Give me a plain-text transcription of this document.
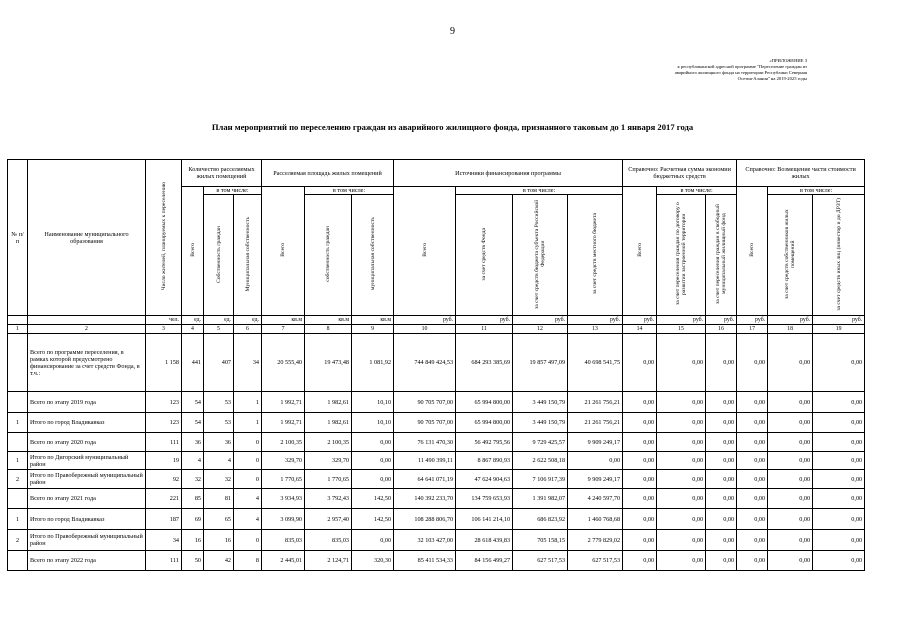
9
«ПРИЛОЖЕНИЕ 3
к республиканской адресной программе "Переселение граждан из
аварийного жилищного фонда на территории Республики Северная
Осетия-Алания" на 2019-2025 годы
План мероприятий по переселению граждан из аварийного жилищного фонда, признанного таковым до 1 января 2017 года
№ п/п	Наименование муниципального образования	Число жителей, планируемых к переселению	Количество расселяемых жилых помещений			Расселяемая площадь жилых помещений			Источники финансирования программы				Справочно: Расчетная сумма экономии бюджетных средств			Справочно: Возмещение части стоимости жилых		
			Всего	в том числе:		Всего	в том числе:		Всего	в том числе:			Всего	в том числе:		Всего	в том числе:	
				Собственность граждан	Муниципальная собственность		собственность граждан	муниципальная собственность		за счет средств Фонда	за счет средств бюджета субъекта Российской Федерации	за счет средств местного бюджета		за счет переселения граждан по договору о развитии застроенной территории	за счет переселения граждан в свободный муниципальный жилищный фонд		за счет средств собственников жилых помещений	за счет средств иных лиц (инвестор и до ДРЗТ)
		чел.	ед.	ед.	ед.	кв.м	кв.м	кв.м	руб.	руб.	руб.	руб.	руб.	руб.	руб.	руб.	руб.	руб.
1	2	3	4	5	6	7	8	9	10	11	12	13	14	15	16	17	18	19
	Всего по программе переселения, в рамках которой предусмотрено финансирование за счет средств Фонда, в т.ч.:	1 158	441	407	34	20 555,40	19 473,48	1 081,92	744 849 424,53	684 293 385,69	19 857 497,09	40 698 541,75	0,00	0,00	0,00	0,00	0,00	0,00
	Всего по этапу 2019 года	123	54	53	1	1 992,71	1 982,61	10,10	90 705 707,00	65 994 800,00	3 449 150,79	21 261 756,21	0,00	0,00	0,00	0,00	0,00	0,00
1	Итого по город Владикавказ	123	54	53	1	1 992,71	1 982,61	10,10	90 705 707,00	65 994 800,00	3 449 150,79	21 261 756,21	0,00	0,00	0,00	0,00	0,00	0,00
	Всего по этапу 2020 года	111	36	36	0	2 100,35	2 100,35	0,00	76 131 470,30	56 492 795,56	9 729 425,57	9 909 249,17	0,00	0,00	0,00	0,00	0,00	0,00
1	Итого по Дигорский муниципальный район	19	4	4	0	329,70	329,70	0,00	11 490 399,11	8 867 890,93	2 622 508,18	0,00	0,00	0,00	0,00	0,00	0,00	0,00
2	Итого по Правобережный муниципальный район	92	32	32	0	1 770,65	1 770,65	0,00	64 641 071,19	47 624 904,63	7 106 917,39	9 909 249,17	0,00	0,00	0,00	0,00	0,00	0,00
	Всего по этапу 2021 года	221	85	81	4	3 934,93	3 792,43	142,50	140 392 233,70	134 759 653,93	1 391 982,07	4 240 597,70	0,00	0,00	0,00	0,00	0,00	0,00
1	Итого по город Владикавказ	187	69	65	4	3 099,90	2 957,40	142,50	108 288 806,70	106 141 214,10	686 823,92	1 460 768,68	0,00	0,00	0,00	0,00	0,00	0,00
2	Итого по Правобережный муниципальный район	34	16	16	0	835,03	835,03	0,00	32 103 427,00	28 618 439,83	705 158,15	2 779 829,02	0,00	0,00	0,00	0,00	0,00	0,00
	Всего по этапу 2022 года	111	50	42	8	2 445,01	2 124,71	320,30	85 411 534,33	84 156 499,27	627 517,53	627 517,53	0,00	0,00	0,00	0,00	0,00	0,00
